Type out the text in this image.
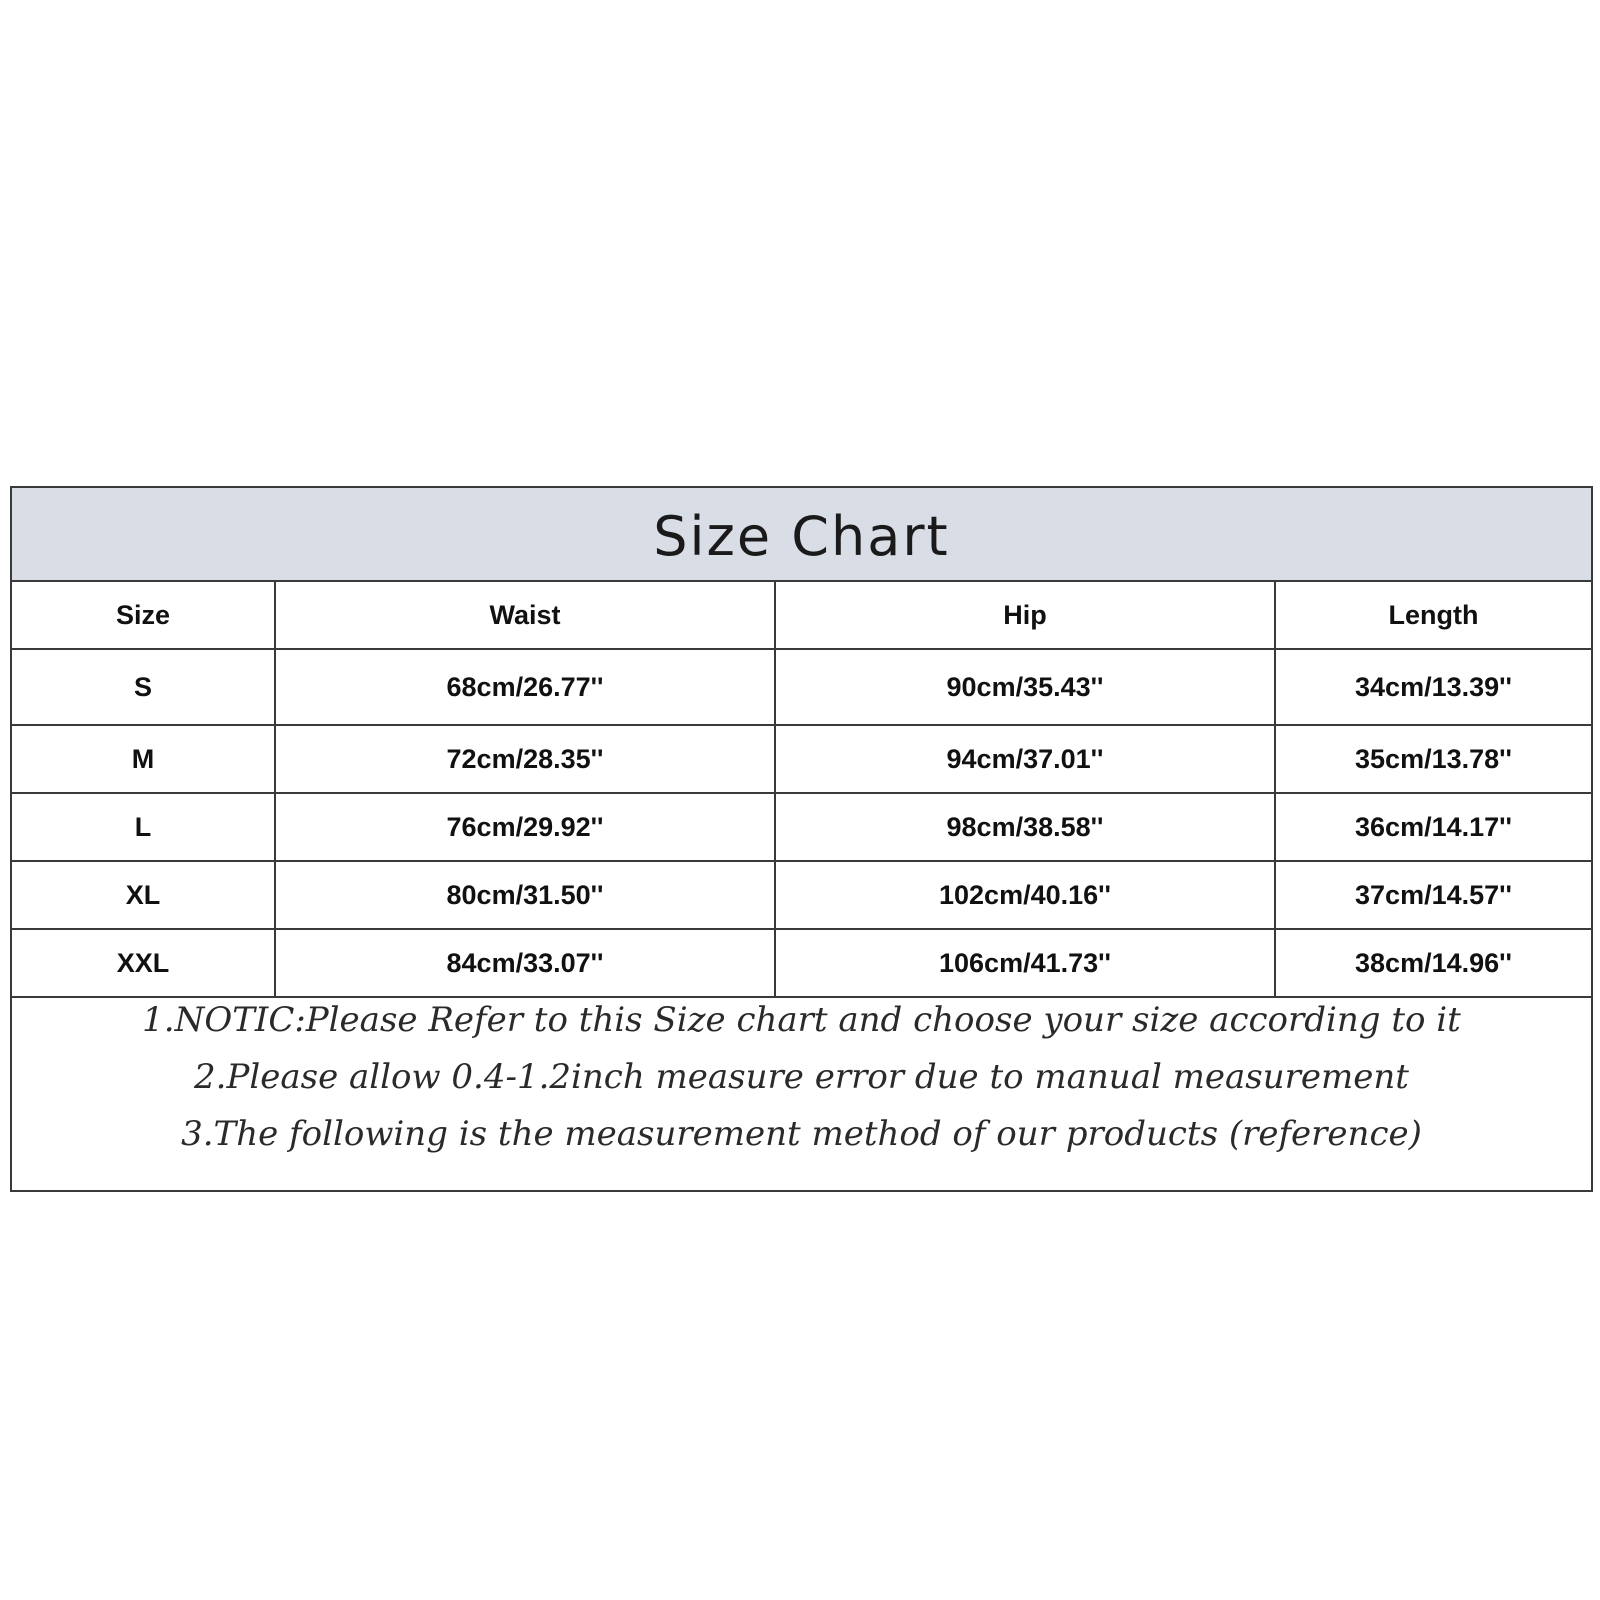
Size Chart
Size	Waist	Hip	Length
S	68cm/26.77''	90cm/35.43''	34cm/13.39''
M	72cm/28.35''	94cm/37.01''	35cm/13.78''
L	76cm/29.92''	98cm/38.58''	36cm/14.17''
XL	80cm/31.50''	102cm/40.16''	37cm/14.57''
XXL	84cm/33.07''	106cm/41.73''	38cm/14.96''
1.NOTIC:Please Refer to this Size chart and choose your size according to it
2.Please allow 0.4-1.2inch measure error due to manual measurement
3.The following is the measurement method of our products (reference)
